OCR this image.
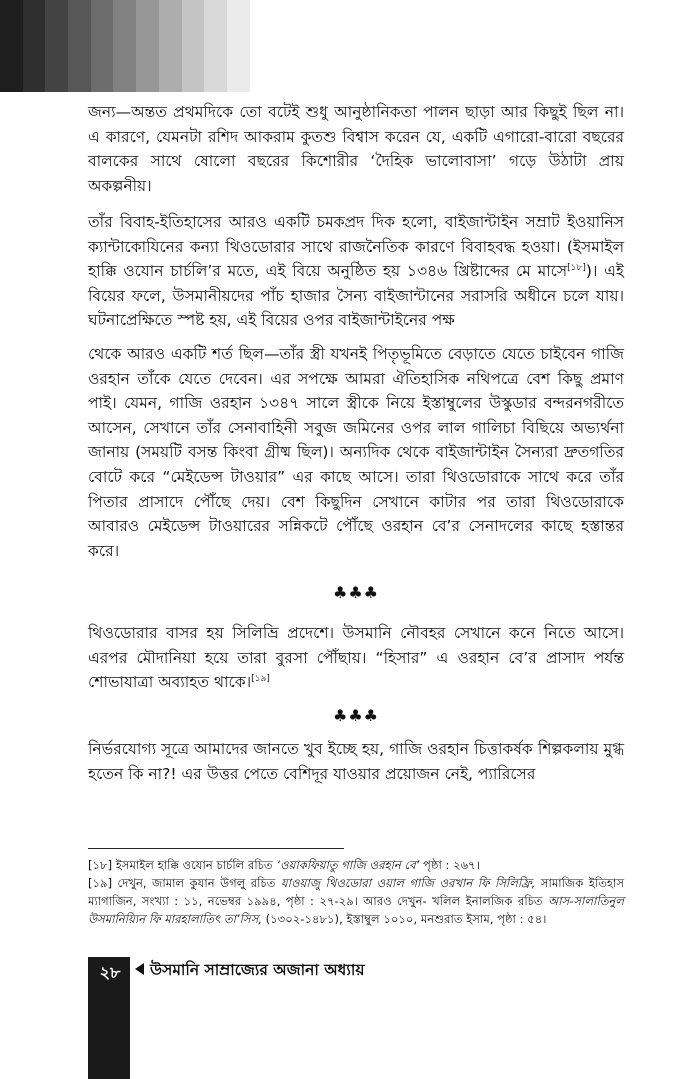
জন্য—অন্তত প্রথমদিকে তো বটেই শুধু আনুষ্ঠানিকতা পালন ছাড়া আর কিছুই ছিল না। এ কারণে, যেমনটা রশিদ আকরাম কুতশু বিশ্বাস করেন যে, একটি এগারো-বারো বছরের বালকের সাথে ষোলো বছরের কিশোরীর ‘দৈহিক ভালোবাসা’ গড়ে উঠাটা প্রায় অকল্পনীয়।

তাঁর বিবাহ-ইতিহাসের আরও একটি চমকপ্রদ দিক হলো, বাইজান্টাইন সম্রাট ইওয়ানিস ক্যান্টাকোযিনের কন্যা থিওডোরার সাথে রাজনৈতিক কারণে বিবাহবদ্ধ হওয়া। (ইসমাইল হাক্কি ওযোন চার্চলি’র মতে, এই বিয়ে অনুষ্ঠিত হয় ১৩৪৬ খ্রিষ্টাব্দের মে মাসে[১৮])। এই বিয়ের ফলে, উসমানীয়দের পাঁচ হাজার সৈন্য বাইজান্টানের সরাসরি অধীনে চলে যায়। ঘটনাপ্রেক্ষিতে স্পষ্ট হয়, এই বিয়ের ওপর বাইজান্টাইনের পক্ষ

থেকে আরও একটি শর্ত ছিল—তাঁর স্ত্রী যখনই পিতৃভূমিতে বেড়াতে যেতে চাইবেন গাজি ওরহান তাঁকে যেতে দেবেন। এর সপক্ষে আমরা ঐতিহাসিক নথিপত্রে বেশ কিছু প্রমাণ পাই। যেমন, গাজি ওরহান ১৩৪৭ সালে স্ত্রীকে নিয়ে ইস্তাম্বুলের উস্কুডার বন্দরনগরীতে আসেন, সেখানে তাঁর সেনাবাহিনী সবুজ জমিনের ওপর লাল গালিচা বিছিয়ে অভ্যর্থনা জানায় (সময়টি বসন্ত কিংবা গ্রীষ্ম ছিল)। অন্যদিক থেকে বাইজান্টাইন সৈন্যরা দ্রুতগতির বোটে করে “মেইডেন্স টাওয়ার” এর কাছে আসে। তারা থিওডোরাকে সাথে করে তাঁর পিতার প্রাসাদে পৌঁছে দেয়। বেশ কিছুদিন সেখানে কাটার পর তারা থিওডোরাকে আবারও মেইডেন্স টাওয়ারের সন্নিকটে পৌঁছে ওরহান বে’র সেনাদলের কাছে হস্তান্তর করে।

♣♣♣

থিওডোরার বাসর হয় সিলিভ্রি প্রদেশে। উসমানি নৌবহর সেখানে কনে নিতে আসে। এরপর মৌদানিয়া হয়ে তারা বুরসা পৌঁছায়। “হিসার” এ ওরহান বে’র প্রাসাদ পর্যন্ত শোভাযাত্রা অব্যাহত থাকে।[১৯]

♣♣♣

নির্ভরযোগ্য সূত্রে আমাদের জানতে খুব ইচ্ছে হয়, গাজি ওরহান চিত্তাকর্ষক শিল্পকলায় মুগ্ধ হতেন কি না?! এর উত্তর পেতে বেশিদূর যাওয়ার প্রয়োজন নেই, প্যারিসের

[১৮] ইসমাইল হাক্কি ওযোন চার্চলি রচিত ‘ওয়াকফিয়াতু গাজি ওরহান বে’ পৃষ্ঠা : ২৬৭।

[১৯] দেখুন, জামাল কুযান উগলু রচিত যাওয়াজু থিওডোরা ওয়াল গাজি ওরখান ফি সিলিফ্রি, সামাজিক ইতিহাস ম্যাগাজিন, সংখ্যা : ১১, নভেম্বর ১৯৯৪, পৃষ্ঠা : ২৭-২৯। আরও দেখুন- খলিল ইনালজিক রচিত আস-সালাতিনুল উসমানিয়্যিন ফি মারহালাতিৎ তা’সিস, (১৩০২-১৪৮১), ইস্তাম্বুল ১০১০, মনশুরাত ইসাম, পৃষ্ঠা : ৫৪।

২৮	উসমানি সাম্রাজ্যের অজানা অধ্যায়
